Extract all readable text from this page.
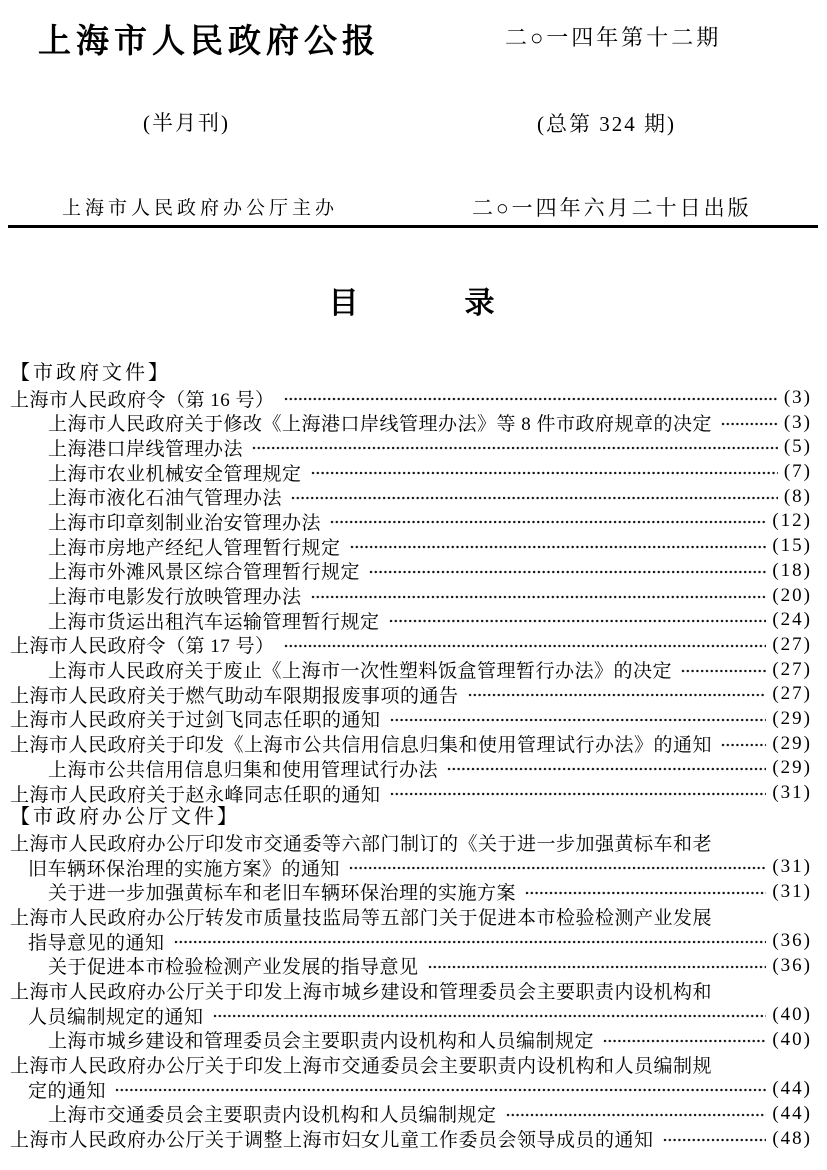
上海市人民政府公报	二○一四年第十二期
(半月刊)	(总第 324 期)
上海市人民政府办公厅主办	二○一四年六月二十日出版
目　　　录
【市政府文件】
上海市人民政府令（第 16 号）	(3)
上海市人民政府关于修改《上海港口岸线管理办法》等 8 件市政府规章的决定	(3)
上海港口岸线管理办法	(5)
上海市农业机械安全管理规定	(7)
上海市液化石油气管理办法	(8)
上海市印章刻制业治安管理办法	(12)
上海市房地产经纪人管理暂行规定	(15)
上海市外滩风景区综合管理暂行规定	(18)
上海市电影发行放映管理办法	(20)
上海市货运出租汽车运输管理暂行规定	(24)
上海市人民政府令（第 17 号）	(27)
上海市人民政府关于废止《上海市一次性塑料饭盒管理暂行办法》的决定	(27)
上海市人民政府关于燃气助动车限期报废事项的通告	(27)
上海市人民政府关于过剑飞同志任职的通知	(29)
上海市人民政府关于印发《上海市公共信用信息归集和使用管理试行办法》的通知	(29)
上海市公共信用信息归集和使用管理试行办法	(29)
上海市人民政府关于赵永峰同志任职的通知	(31)
【市政府办公厅文件】
上海市人民政府办公厅印发市交通委等六部门制订的《关于进一步加强黄标车和老
旧车辆环保治理的实施方案》的通知	(31)
关于进一步加强黄标车和老旧车辆环保治理的实施方案	(31)
上海市人民政府办公厅转发市质量技监局等五部门关于促进本市检验检测产业发展
指导意见的通知	(36)
关于促进本市检验检测产业发展的指导意见	(36)
上海市人民政府办公厅关于印发上海市城乡建设和管理委员会主要职责内设机构和
人员编制规定的通知	(40)
上海市城乡建设和管理委员会主要职责内设机构和人员编制规定	(40)
上海市人民政府办公厅关于印发上海市交通委员会主要职责内设机构和人员编制规
定的通知	(44)
上海市交通委员会主要职责内设机构和人员编制规定	(44)
上海市人民政府办公厅关于调整上海市妇女儿童工作委员会领导成员的通知	(48)
